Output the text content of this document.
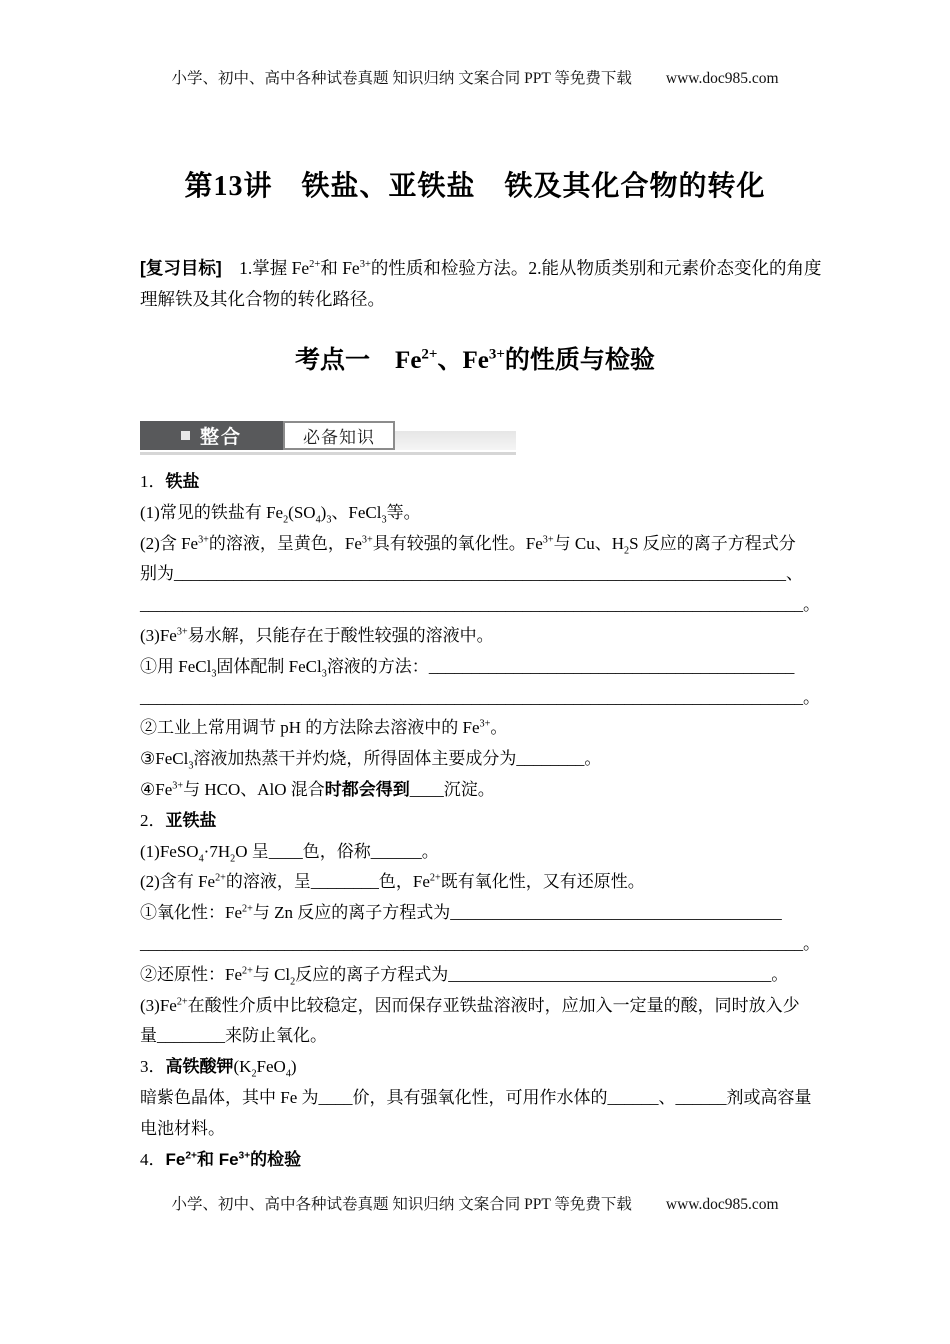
小学、初中、高中各种试卷真题 知识归纳 文案合同 PPT 等免费下载 www.doc985.com
第13讲　铁盐、亚铁盐　铁及其化合物的转化
[复习目标]　1.掌握 $Fe^{2+}$和 $Fe^{3+}$的性质和检验方法。2.能从物质类别和元素价态变化的角度
理解铁及其化合物的转化路径。
考点一　$Fe^{2+}$、$Fe^{3+}$的性质与检验
整合	必备知识
1．铁盐
(1)常见的铁盐有 $Fe_2(SO_4)_3$、FeCl$_3$等。
(2)含 $Fe^{3+}$的溶液，呈黄色，$Fe^{3+}$具有较强的氧化性。$Fe^{3+}$与 Cu、$H_2S$ 反应的离子方程式分
别为________________________________________________________________________、
______________________________________________________________________________。
$(3)Fe^{3+}$易水解，只能存在于酸性较强的溶液中。
①用 FeCl$_3$固体配制 FeCl$_3$溶液的方法：___________________________________________
______________________________________________________________________________。
②工业上常用调节 pH 的方法除去溶液中的 $Fe^{3+}$。
③FeCl$_3$溶液加热蒸干并灼烧，所得固体主要成分为________。
$④Fe^{3+}$与 HCO、AlO 混合时都会得到____沉淀。
2．亚铁盐
$(1)FeSO_4\cdot 7H_2O$ 呈____色，俗称______。
(2)含有 $Fe^{2+}$的溶液，呈________色，$Fe^{2+}$既有氧化性，又有还原性。
①氧化性：$Fe^{2+}$与 Zn 反应的离子方程式为_______________________________________
______________________________________________________________________________。
②还原性：$Fe^{2+}$与 $Cl_2$反应的离子方程式为______________________________________。
$(3)Fe^{2+}$在酸性介质中比较稳定，因而保存亚铁盐溶液时，应加入一定量的酸，同时放入少
量________来防止氧化。
3．高铁酸钾$(K_2FeO_4)$
暗紫色晶体，其中 Fe 为____价，具有强氧化性，可用作水体的______、______剂或高容量
电池材料。
4．$Fe^{2+}$和 $Fe^{3+}$的检验
小学、初中、高中各种试卷真题 知识归纳 文案合同 PPT 等免费下载 www.doc985.com
